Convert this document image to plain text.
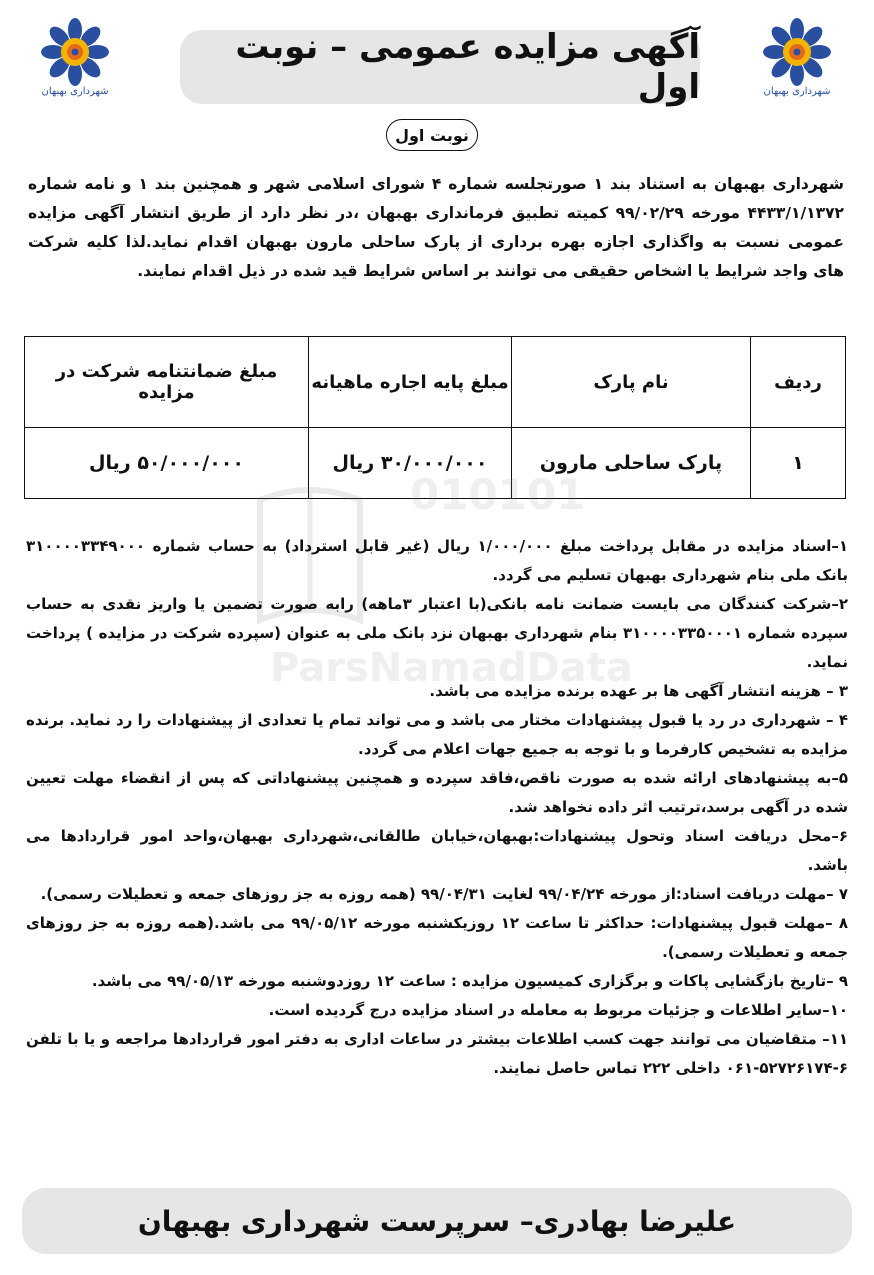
شهرداری بهبهان
شهرداری بهبهان
آگهی مزایده عمومی – نوبت اول
نوبت اول
شهرداری بهبهان به استناد بند ۱ صورتجلسه شماره ۴ شورای اسلامی شهر و همچنین بند ۱ و نامه شماره
۴۴۳۳/۱/۱۳۷۲ مورخه ۹۹/۰۲/۲۹ کمیته تطبیق فرمانداری بهبهان ،در نظر دارد از طریق انتشار آگهی مزایده
عمومی نسبت به واگذاری اجازه بهره برداری از پارک ساحلی مارون بهبهان اقدام نماید.لذا کلیه شرکت
های واجد شرایط یا اشخاص حقیقی می توانند بر اساس شرایط قید شده در ذیل اقدام نمایند.
ردیف	نام پارک	مبلغ پایه اجاره ماهیانه	مبلغ ضمانتنامه شرکت در مزایده
۱	پارک ساحلی مارون	۳۰/۰۰۰/۰۰۰ ریال	۵۰/۰۰۰/۰۰۰ ریال
010101
ParsNamadData

۱–اسناد مزایده در مقابل پرداخت مبلغ ۱/۰۰۰/۰۰۰ ریال (غیر قابل استرداد) به حساب شماره ۳۱۰۰۰۰۳۳۴۹۰۰۰ بانک ملی بنام شهرداری بهبهان تسلیم می گردد.

۲–شرکت کنندگان می بایست ضمانت نامه بانکی(با اعتبار ۳ماهه) رابه صورت تضمین یا واریز نقدی به حساب سپرده شماره ۳۱۰۰۰۰۳۳۵۰۰۰۱ بنام شهرداری بهبهان نزد بانک ملی به عنوان (سپرده شرکت در مزایده ) پرداخت نماید.

۳ – هزینه انتشار آگهی ها بر عهده برنده مزایده می باشد.

۴ – شهرداری در رد یا قبول پیشنهادات مختار می باشد و می تواند تمام یا تعدادی از پیشنهادات را رد نماید. برنده مزایده به تشخیص کارفرما و با توجه به جمیع جهات اعلام می گردد.

۵–به پیشنهادهای ارائه شده به صورت ناقص،فاقد سپرده و همچنین پیشنهاداتی که پس از انقضاء مهلت تعیین شده در آگهی برسد،ترتیب اثر داده نخواهد شد.

۶–محل دریافت اسناد وتحول پیشنهادات:بهبهان،خیابان طالقانی،شهرداری بهبهان،واحد امور قراردادها می باشد.

۷ –مهلت دریافت اسناد:از مورخه ۹۹/۰۴/۲۴ لغایت ۹۹/۰۴/۳۱ (همه روزه به جز روزهای جمعه و تعطیلات رسمی).

۸ –مهلت قبول پیشنهادات: حداکثر تا ساعت ۱۲ روزیکشنبه مورخه ۹۹/۰۵/۱۲ می باشد.(همه روزه به جز روزهای جمعه و تعطیلات رسمی).

۹ –تاریخ بازگشایی پاکات و برگزاری کمیسیون مزایده : ساعت ۱۲ روزدوشنبه مورخه ۹۹/۰۵/۱۳ می باشد.

۱۰–سایر اطلاعات و جزئیات مربوط به معامله در اسناد مزایده درج گردیده است.

۱۱– متقاضیان می توانند جهت کسب اطلاعات بیشتر در ساعات اداری به دفتر امور قراردادها مراجعه و یا با تلفن ۶-۵۲۷۲۶۱۷۴-۰۶۱ داخلی ۲۲۲ تماس حاصل نمایند.

علیرضا بهادری– سرپرست شهرداری بهبهان
